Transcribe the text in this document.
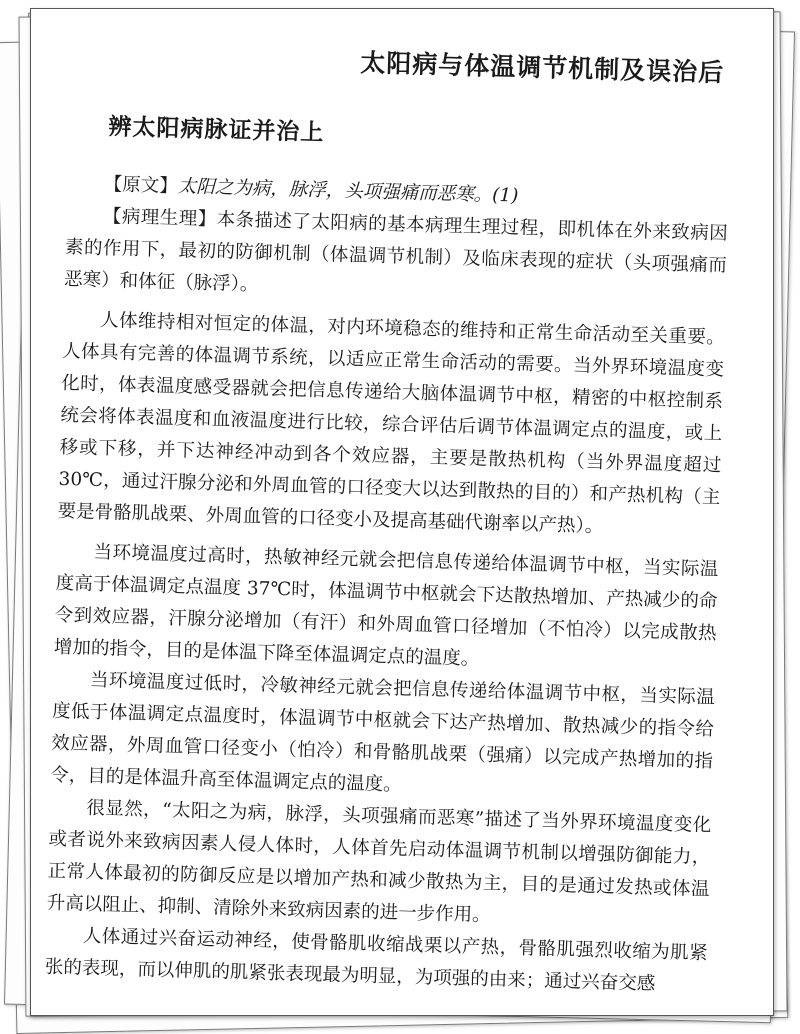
太阳病与体温调节机制及误治后
辨太阳病脉证并治上

【原文】太阳之为病，脉浮，头项强痛而恶寒。(1)

【病理生理】本条描述了太阳病的基本病理生理过程，即机体在外来致病因素的作用下，最初的防御机制（体温调节机制）及临床表现的症状（头项强痛而恶寒）和体征（脉浮）。

人体维持相对恒定的体温，对内环境稳态的维持和正常生命活动至关重要。人体具有完善的体温调节系统，以适应正常生命活动的需要。当外界环境温度变化时，体表温度感受器就会把信息传递给大脑体温调节中枢，精密的中枢控制系统会将体表温度和血液温度进行比较，综合评估后调节体温调定点的温度，或上移或下移，并下达神经冲动到各个效应器，主要是散热机构（当外界温度超过 30℃，通过汗腺分泌和外周血管的口径变大以达到散热的目的）和产热机构（主要是骨骼肌战栗、外周血管的口径变小及提高基础代谢率以产热）。

当环境温度过高时，热敏神经元就会把信息传递给体温调节中枢，当实际温度高于体温调定点温度 37℃时，体温调节中枢就会下达散热增加、产热减少的命令到效应器，汗腺分泌增加（有汗）和外周血管口径增加（不怕冷）以完成散热增加的指令，目的是体温下降至体温调定点的温度。

当环境温度过低时，冷敏神经元就会把信息传递给体温调节中枢，当实际温度低于体温调定点温度时，体温调节中枢就会下达产热增加、散热减少的指令给效应器，外周血管口径变小（怕冷）和骨骼肌战栗（强痛）以完成产热增加的指令，目的是体温升高至体温调定点的温度。

很显然，“太阳之为病，脉浮，头项强痛而恶寒”描述了当外界环境温度变化或者说外来致病因素人侵人体时，人体首先启动体温调节机制以增强防御能力，正常人体最初的防御反应是以增加产热和减少散热为主，目的是通过发热或体温升高以阻止、抑制、清除外来致病因素的进一步作用。

人体通过兴奋运动神经，使骨骼肌收缩战栗以产热，骨骼肌强烈收缩为肌紧张的表现，而以伸肌的肌紧张表现最为明显，为项强的由来；通过兴奋交感
